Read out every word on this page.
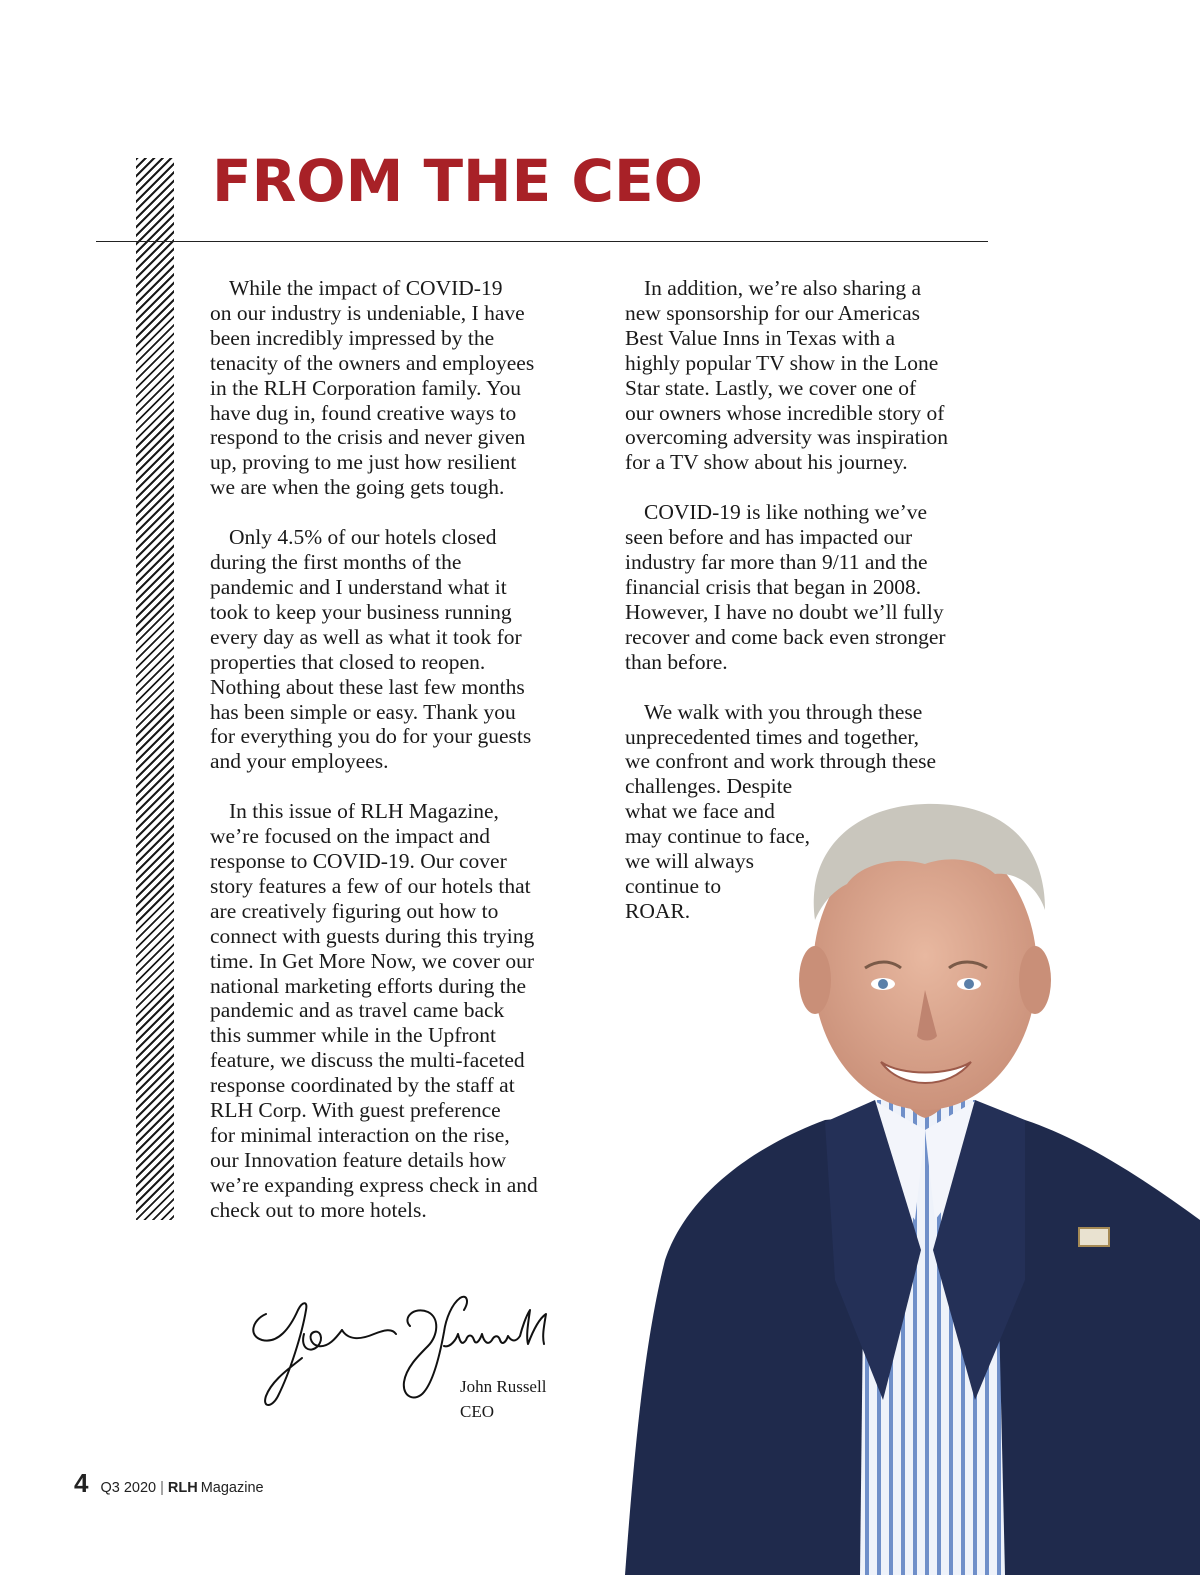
FROM THE CEO

While the impact of COVID-19
on our industry is undeniable, I have
been incredibly impressed by the
tenacity of the owners and employees
in the RLH Corporation family. You
have dug in, found creative ways to
respond to the crisis and never given
up, proving to me just how resilient
we are when the going gets tough.

Only 4.5% of our hotels closed
during the first months of the
pandemic and I understand what it
took to keep your business running
every day as well as what it took for
properties that closed to reopen.
Nothing about these last few months
has been simple or easy. Thank you
for everything you do for your guests
and your employees.

In this issue of RLH Magazine,
we’re focused on the impact and
response to COVID-19. Our cover
story features a few of our hotels that
are creatively figuring out how to
connect with guests during this trying
time. In Get More Now, we cover our
national marketing efforts during the
pandemic and as travel came back
this summer while in the Upfront
feature, we discuss the multi-faceted
response coordinated by the staff at
RLH Corp. With guest preference
for minimal interaction on the rise,
our Innovation feature details how
we’re expanding express check in and
check out to more hotels.

In addition, we’re also sharing a
new sponsorship for our Americas
Best Value Inns in Texas with a
highly popular TV show in the Lone
Star state. Lastly, we cover one of
our owners whose incredible story of
overcoming adversity was inspiration
for a TV show about his journey.

COVID-19 is like nothing we’ve
seen before and has impacted our
industry far more than 9/11 and the
financial crisis that began in 2008.
However, I have no doubt we’ll fully
recover and come back even stronger
than before.

We walk with you through these
unprecedented times and together,
we confront and work through these
challenges. Despite
what we face and
may continue to face,
we will always
continue to
ROAR.

John Russell
CEO
4 Q3 2020 | RLH Magazine
